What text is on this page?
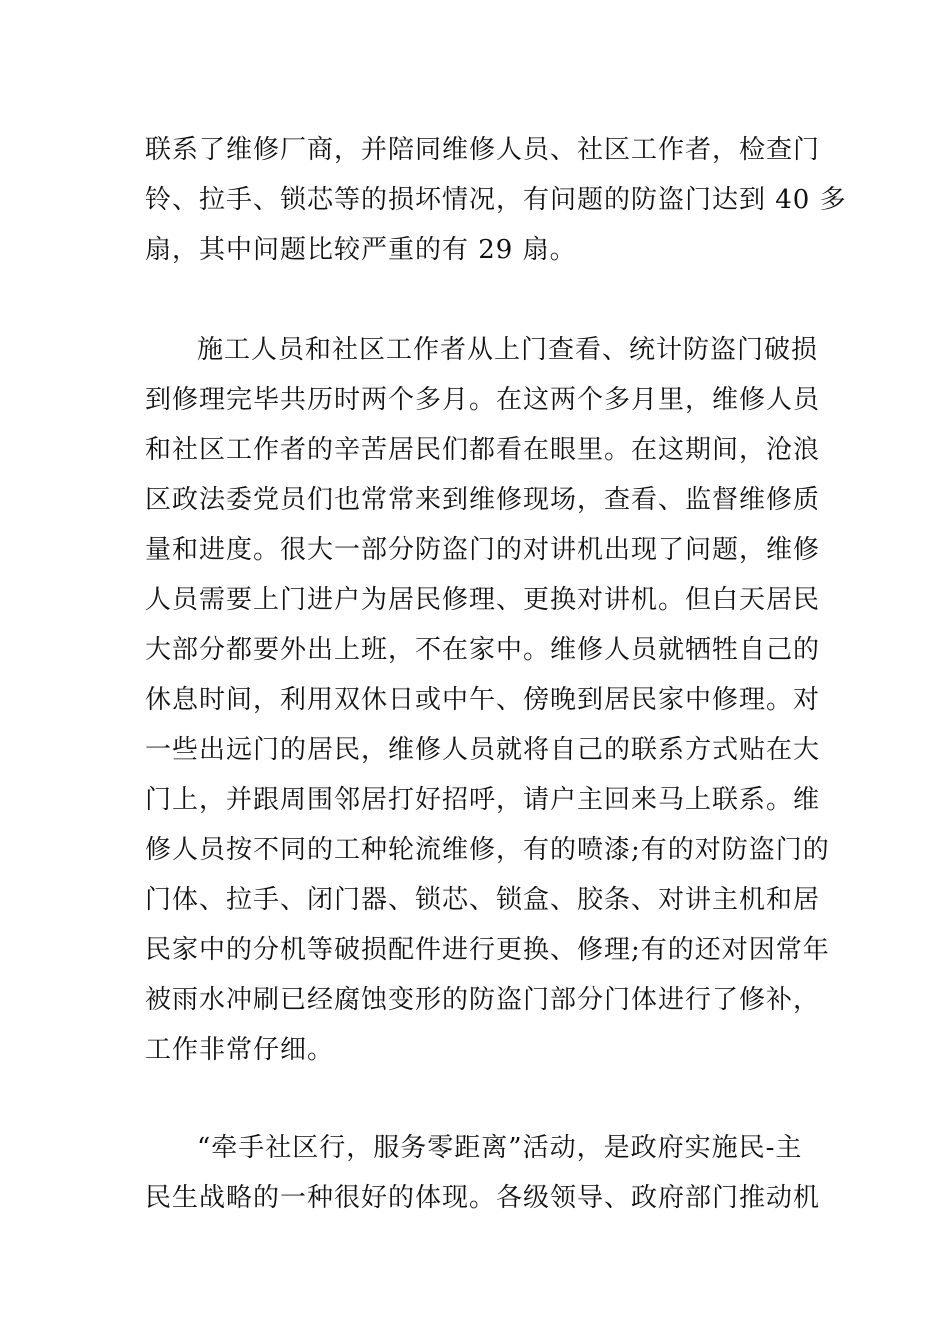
联系了维修厂商，并陪同维修人员、社区工作者，检查门
铃、拉手、锁芯等的损坏情况，有问题的防盗门达到 40 多
扇，其中问题比较严重的有 29 扇。
施工人员和社区工作者从上门查看、统计防盗门破损
到修理完毕共历时两个多月。在这两个多月里，维修人员
和社区工作者的辛苦居民们都看在眼里。在这期间，沧浪
区政法委党员们也常常来到维修现场，查看、监督维修质
量和进度。很大一部分防盗门的对讲机出现了问题，维修
人员需要上门进户为居民修理、更换对讲机。但白天居民
大部分都要外出上班，不在家中。维修人员就牺牲自己的
休息时间，利用双休日或中午、傍晚到居民家中修理。对
一些出远门的居民，维修人员就将自己的联系方式贴在大
门上，并跟周围邻居打好招呼，请户主回来马上联系。维
修人员按不同的工种轮流维修，有的喷漆;有的对防盗门的
门体、拉手、闭门器、锁芯、锁盒、胶条、对讲主机和居
民家中的分机等破损配件进行更换、修理;有的还对因常年
被雨水冲刷已经腐蚀变形的防盗门部分门体进行了修补，
工作非常仔细。
“牵手社区行，服务零距离”活动，是政府实施民-主
民生战略的一种很好的体现。各级领导、政府部门推动机
